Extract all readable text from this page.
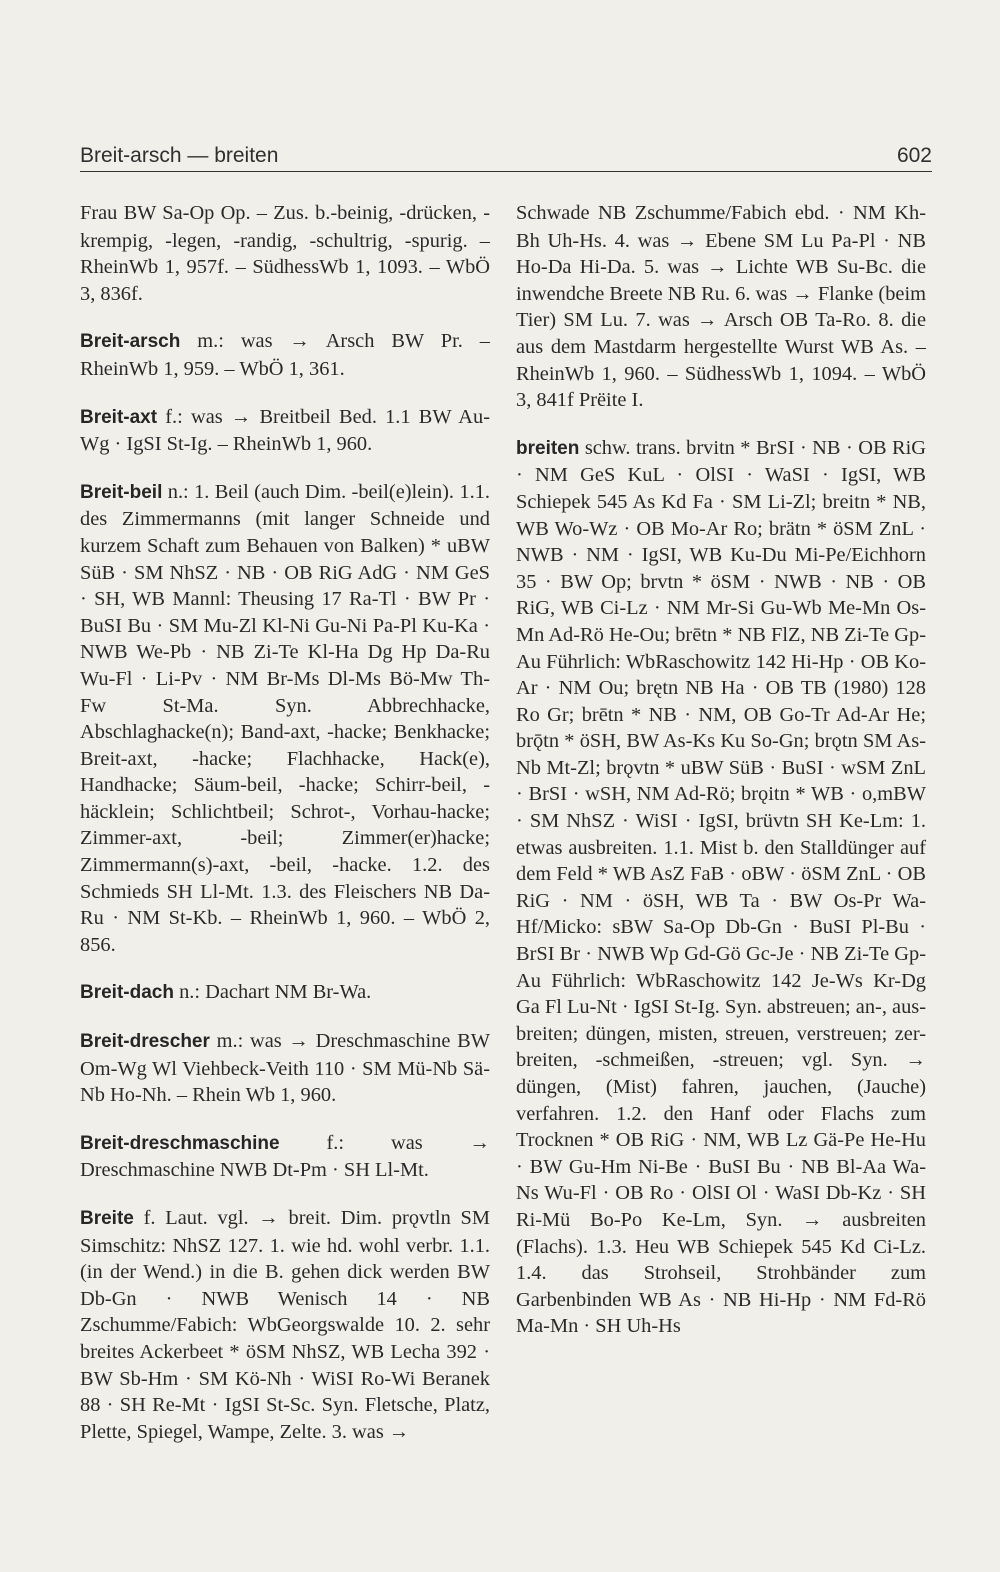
Breit-arsch — breiten	602

Frau BW Sa-Op Op. – Zus. b.-beinig, -drücken, -krempig, -legen, -randig, -schultrig, -spurig. – RheinWb 1, 957f. – SüdhessWb 1, 1093. – WbÖ 3, 836f.

Breit-arsch m.: was → Arsch BW Pr. – RheinWb 1, 959. – WbÖ 1, 361.

Breit-axt f.: was → Breitbeil Bed. 1.1 BW Au-Wg · IgSI St-Ig. – RheinWb 1, 960.

Breit-beil n.: 1. Beil (auch Dim. -beil(e)lein). 1.1. des Zimmermanns (mit langer Schneide und kurzem Schaft zum Behauen von Balken) * uBW SüB · SM NhSZ · NB · OB RiG AdG · NM GeS · SH, WB Mannl: Theusing 17 Ra-Tl · BW Pr · BuSI Bu · SM Mu-Zl Kl-Ni Gu-Ni Pa-Pl Ku-Ka · NWB We-Pb · NB Zi-Te Kl-Ha Dg Hp Da-Ru Wu-Fl · Li-Pv · NM Br-Ms Dl-Ms Bö-Mw Th-Fw St-Ma. Syn. Abbrechhacke, Abschlaghacke(n); Band-axt, -hacke; Benkhacke; Breit-axt, -hacke; Flachhacke, Hack(e), Handhacke; Säum-beil, -hacke; Schirr-beil, -häcklein; Schlichtbeil; Schrot-, Vorhau-hacke; Zimmer-axt, -beil; Zimmer(er)hacke; Zimmermann(s)-axt, -beil, -hacke. 1.2. des Schmieds SH Ll-Mt. 1.3. des Fleischers NB Da-Ru · NM St-Kb. – RheinWb 1, 960. – WbÖ 2, 856.

Breit-dach n.: Dachart NM Br-Wa.

Breit-drescher m.: was → Dreschmaschine BW Om-Wg Wl Viehbeck-Veith 110 · SM Mü-Nb Sä-Nb Ho-Nh. – Rhein Wb 1, 960.

Breit-dreschmaschine f.: was → Dreschmaschine NWB Dt-Pm · SH Ll-Mt.

Breite f. Laut. vgl. → breit. Dim. prǫvtln SM Simschitz: NhSZ 127. 1. wie hd. wohl verbr. 1.1. (in der Wend.) in die B. gehen dick werden BW Db-Gn · NWB Wenisch 14 · NB Zschumme/Fabich: WbGeorgswalde 10. 2. sehr breites Ackerbeet * öSM NhSZ, WB Lecha 392 · BW Sb-Hm · SM Kö-Nh · WiSI Ro-Wi Beranek 88 · SH Re-Mt · IgSI St-Sc. Syn. Fletsche, Platz, Plette, Spiegel, Wampe, Zelte. 3. was →

Schwade NB Zschumme/Fabich ebd. · NM Kh-Bh Uh-Hs. 4. was → Ebene SM Lu Pa-Pl · NB Ho-Da Hi-Da. 5. was → Lichte WB Su-Bc. die inwendche Breete NB Ru. 6. was → Flanke (beim Tier) SM Lu. 7. was → Arsch OB Ta-Ro. 8. die aus dem Mastdarm hergestellte Wurst WB As. – RheinWb 1, 960. – SüdhessWb 1, 1094. – WbÖ 3, 841f Prëite I.

breiten schw. trans. brvitn * BrSI · NB · OB RiG · NM GeS KuL · OlSI · WaSI · IgSI, WB Schiepek 545 As Kd Fa · SM Li-Zl; breitn * NB, WB Wo-Wz · OB Mo-Ar Ro; brätn * öSM ZnL · NWB · NM · IgSI, WB Ku-Du Mi-Pe/Eichhorn 35 · BW Op; brvtn * öSM · NWB · NB · OB RiG, WB Ci-Lz · NM Mr-Si Gu-Wb Me-Mn Os-Mn Ad-Rö He-Ou; brētn * NB FlZ, NB Zi-Te Gp-Au Führlich: WbRaschowitz 142 Hi-Hp · OB Ko-Ar · NM Ou; brętn NB Ha · OB TB (1980) 128 Ro Gr; brētn * NB · NM, OB Go-Tr Ad-Ar He; brǭtn * öSH, BW As-Ks Ku So-Gn; brǫtn SM As-Nb Mt-Zl; brǫvtn * uBW SüB · BuSI · wSM ZnL · BrSI · wSH, NM Ad-Rö; brǫitn * WB · o,mBW · SM NhSZ · WiSI · IgSI, brüvtn SH Ke-Lm: 1. etwas ausbreiten. 1.1. Mist b. den Stalldünger auf dem Feld * WB AsZ FaB · oBW · öSM ZnL · OB RiG · NM · öSH, WB Ta · BW Os-Pr Wa-Hf/Micko: sBW Sa-Op Db-Gn · BuSI Pl-Bu · BrSI Br · NWB Wp Gd-Gö Gc-Je · NB Zi-Te Gp-Au Führlich: WbRaschowitz 142 Je-Ws Kr-Dg Ga Fl Lu-Nt · IgSI St-Ig. Syn. abstreuen; an-, aus-breiten; düngen, misten, streuen, verstreuen; zer-breiten, -schmeißen, -streuen; vgl. Syn. → düngen, (Mist) fahren, jauchen, (Jauche) verfahren. 1.2. den Hanf oder Flachs zum Trocknen * OB RiG · NM, WB Lz Gä-Pe He-Hu · BW Gu-Hm Ni-Be · BuSI Bu · NB Bl-Aa Wa-Ns Wu-Fl · OB Ro · OlSI Ol · WaSI Db-Kz · SH Ri-Mü Bo-Po Ke-Lm, Syn. → ausbreiten (Flachs). 1.3. Heu WB Schiepek 545 Kd Ci-Lz. 1.4. das Strohseil, Strohbänder zum Garbenbinden WB As · NB Hi-Hp · NM Fd-Rö Ma-Mn · SH Uh-Hs
